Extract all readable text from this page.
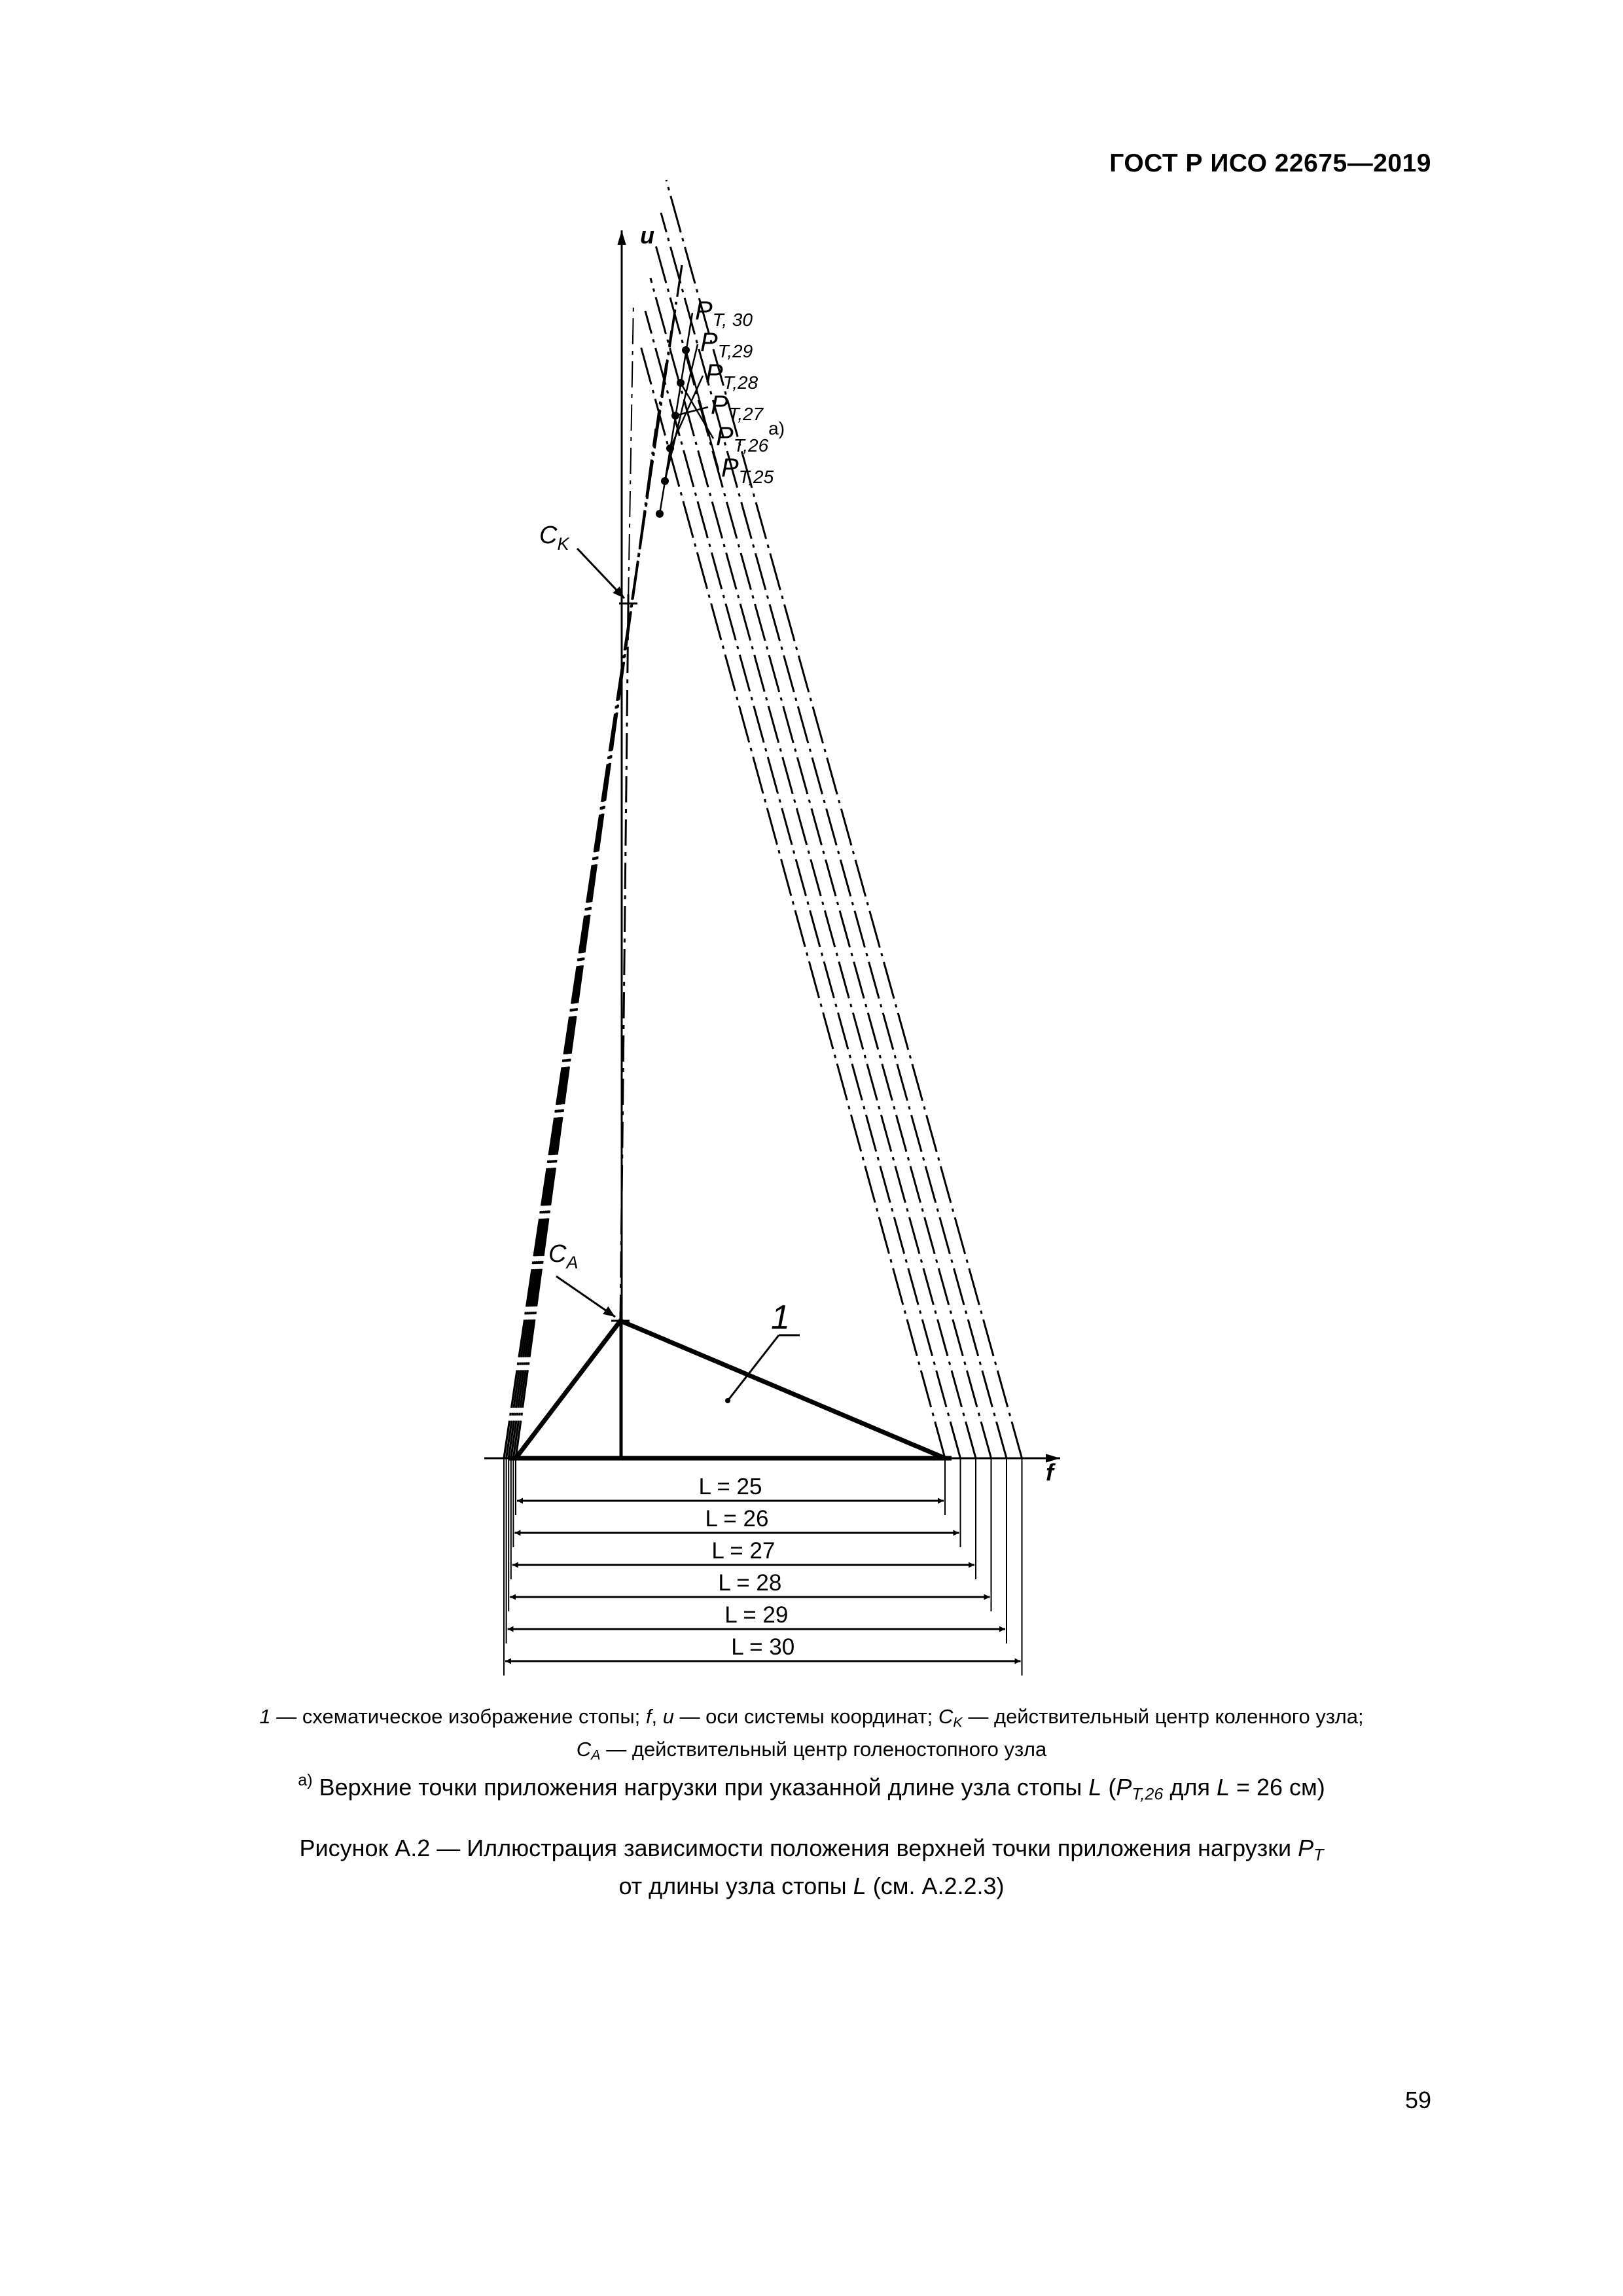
ГОСТ Р ИСО 22675—2019
u
f
$C_K$
$C_A$
1
$P_{T, 30}$
$P_{T,29}$
$P_{T,28}$
$P_{T,27}$
$P_{T,26}^{а)}$
$P_{T,25}$
L = 25
L = 26
L = 27
L = 28
L = 29
L = 30
1 — схематическое изображение стопы; f, u — оси системы координат; $C_K$ — действительный центр коленного узла;
$C_A$ — действительный центр голеностопного узла
$^{а)}$ Верхние точки приложения нагрузки при указанной длине узла стопы L ($P_{T,26}$ для L = 26 см)
Рисунок А.2 — Иллюстрация зависимости положения верхней точки приложения нагрузки $P_T$
от длины узла стопы L (см. А.2.2.3)
59
